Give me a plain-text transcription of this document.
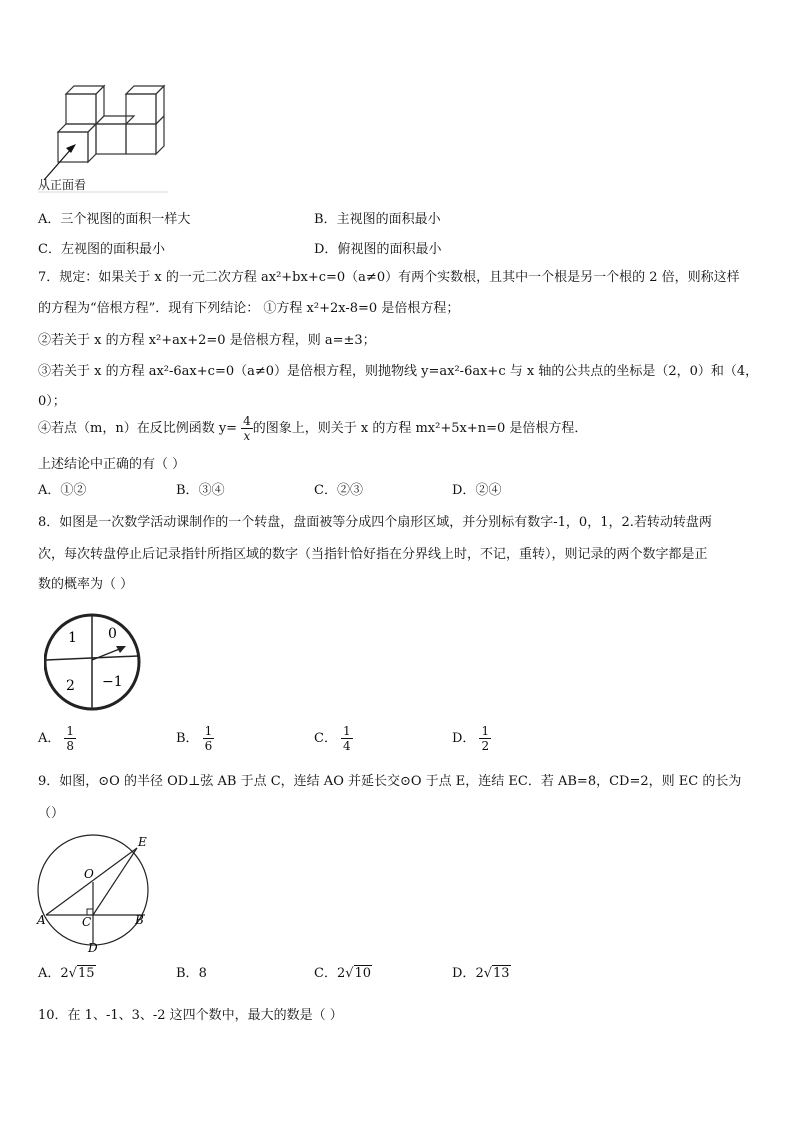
从正面看
A．三个视图的面积一样大	B．主视图的面积最小
C．左视图的面积最小	D．俯视图的面积最小
7．规定：如果关于 x 的一元二次方程 ax²+bx+c=0（a≠0）有两个实数根，且其中一个根是另一个根的 2 倍，则称这样
的方程为“倍根方程”．现有下列结论： ①方程 x²+2x-8=0 是倍根方程；
②若关于 x 的方程 x²+ax+2=0 是倍根方程，则 a=±3；
③若关于 x 的方程 ax²-6ax+c=0（a≠0）是倍根方程，则抛物线 y=ax²-6ax+c 与 x 轴的公共点的坐标是（2，0）和（4，
0）；
④若点（m，n）在反比例函数 $y= \frac{4}{x}$ 的图象上，则关于 x 的方程 mx²+5x+n=0 是倍根方程．
上述结论中正确的有（ ）
A．①②	B．③④	C．②③	D．②④
8．如图是一次数学活动课制作的一个转盘，盘面被等分成四个扇形区域，并分别标有数字-1，0，1，2.若转动转盘两
次，每次转盘停止后记录指针所指区域的数字（当指针恰好指在分界线上时，不记，重转），则记录的两个数字都是正
数的概率为（ ）
1 0
2 −1
A． $\frac{1}{8}$	B． $\frac{1}{6}$	C． $\frac{1}{4}$	D． $\frac{1}{2}$
9．如图，⊙O 的半径 OD⊥弦 AB 于点 C，连结 AO 并延长交⊙O 于点 E，连结 EC．若 AB=8，CD=2，则 EC 的长为
（）
E
O
A	C	B
D
A．2√15	B．8	C．2√10	D．2√13
10．在 1、-1、3、-2 这四个数中，最大的数是（ ）
